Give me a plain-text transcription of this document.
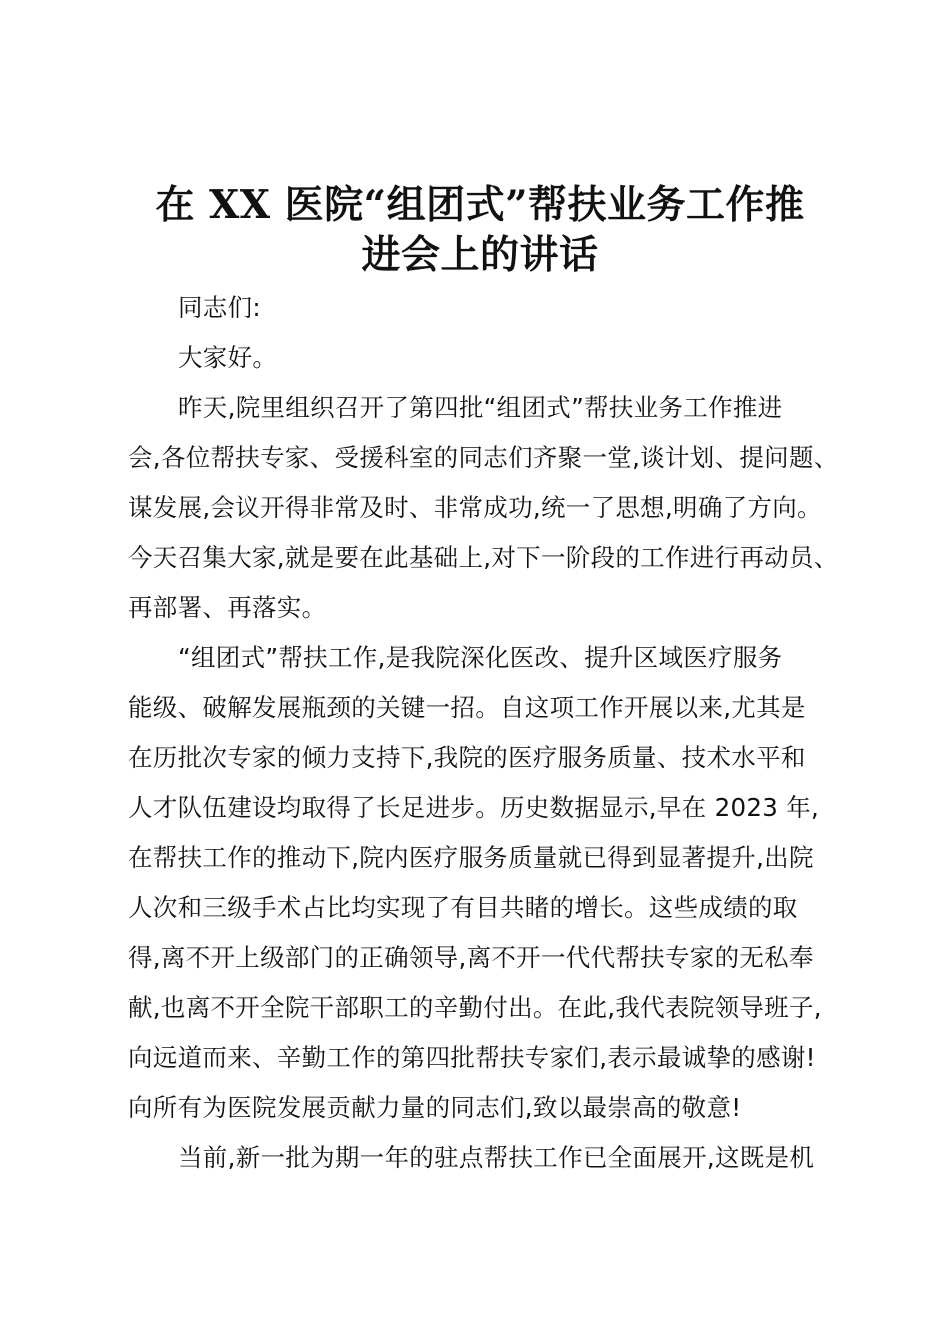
在 XX 医院“组团式”帮扶业务工作推
进会上的讲话
同志们:
大家好。
昨天,院里组织召开了第四批“组团式”帮扶业务工作推进
会,各位帮扶专家、受援科室的同志们齐聚一堂,谈计划、提问题、
谋发展,会议开得非常及时、非常成功,统一了思想,明确了方向。
今天召集大家,就是要在此基础上,对下一阶段的工作进行再动员、
再部署、再落实。
“组团式”帮扶工作,是我院深化医改、提升区域医疗服务
能级、破解发展瓶颈的关键一招。自这项工作开展以来,尤其是
在历批次专家的倾力支持下,我院的医疗服务质量、技术水平和
人才队伍建设均取得了长足进步。历史数据显示,早在 2023 年,
在帮扶工作的推动下,院内医疗服务质量就已得到显著提升,出院
人次和三级手术占比均实现了有目共睹的增长。这些成绩的取
得,离不开上级部门的正确领导,离不开一代代帮扶专家的无私奉
献,也离不开全院干部职工的辛勤付出。在此,我代表院领导班子,
向远道而来、辛勤工作的第四批帮扶专家们,表示最诚挚的感谢!
向所有为医院发展贡献力量的同志们,致以最崇高的敬意!
当前,新一批为期一年的驻点帮扶工作已全面展开,这既是机
